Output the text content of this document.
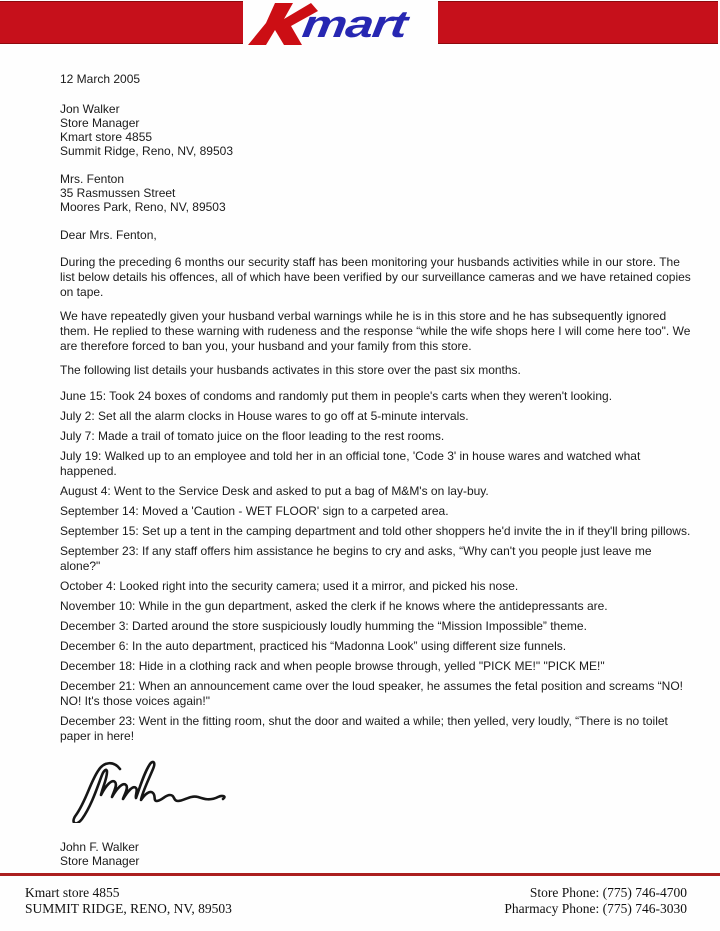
mart

12 March 2005

Jon Walker

Store Manager

Kmart store 4855

Summit Ridge, Reno, NV, 89503

Mrs. Fenton

35 Rasmussen Street

Moores Park, Reno, NV, 89503

Dear Mrs. Fenton,

During the preceding 6 months our security staff has been monitoring your husbands activities while in our store. The list below details his offences, all of which have been verified by our surveillance cameras and we have retained copies on tape.

We have repeatedly given your husband verbal warnings while he is in this store and he has subsequently ignored them. He replied to these warning with rudeness and the response “while the wife shops here I will come here too". We are therefore forced to ban you, your husband and your family from this store.

The following list details your husbands activates in this store over the past six months.

June 15: Took 24 boxes of condoms and randomly put them in people's carts when they weren't looking.

July 2: Set all the alarm clocks in House wares to go off at 5-minute intervals.

July 7: Made a trail of tomato juice on the floor leading to the rest rooms.

July 19: Walked up to an employee and told her in an official tone, 'Code 3' in house wares and watched what happened.

August 4: Went to the Service Desk and asked to put a bag of M&M's on lay-buy.

September 14: Moved a 'Caution - WET FLOOR' sign to a carpeted area.

September 15: Set up a tent in the camping department and told other shoppers he'd invite the in if they'll bring pillows.

September 23: If any staff offers him assistance he begins to cry and asks, “Why can't you people just leave me alone?"

October 4: Looked right into the security camera; used it a mirror, and picked his nose.

November 10: While in the gun department, asked the clerk if he knows where the antidepressants are.

December 3: Darted around the store suspiciously loudly humming the “Mission Impossible” theme.

December 6: In the auto department, practiced his “Madonna Look” using different size funnels.

December 18: Hide in a clothing rack and when people browse through, yelled "PICK ME!" "PICK ME!"

December 21: When an announcement came over the loud speaker, he assumes the fetal position and screams “NO! NO! It's those voices again!"

December 23: Went in the fitting room, shut the door and waited a while; then yelled, very loudly, “There is no toilet paper in here!

John F. Walker

Store Manager

Kmart store 4855

SUMMIT RIDGE, RENO, NV, 89503

Store Phone: (775) 746-4700

Pharmacy Phone: (775) 746-3030
